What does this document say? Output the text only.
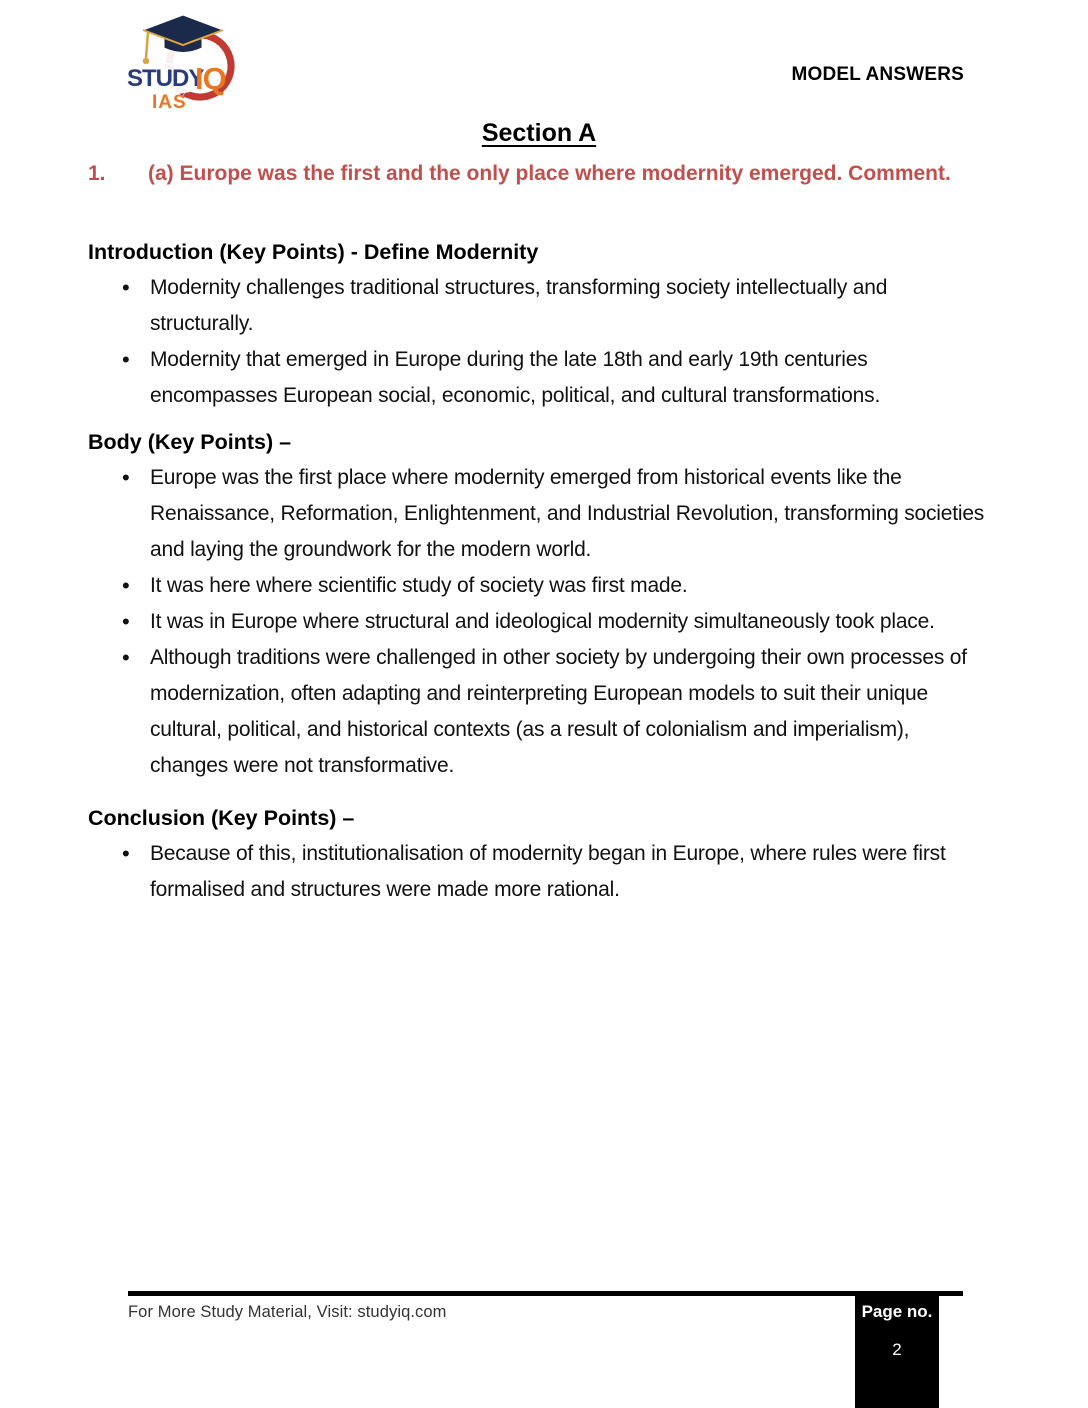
STUDY
IQ
IAS
MODEL ANSWERS
Section A
1.	(a) Europe was the first and the only place where modernity emerged. Comment.
Introduction (Key Points) - Define Modernity
• Modernity challenges traditional structures, transforming society intellectually and structurally.
• Modernity that emerged in Europe during the late 18th and early 19th centuries encompasses European social, economic, political, and cultural transformations.
Body (Key Points) –
• Europe was the first place where modernity emerged from historical events like the Renaissance, Reformation, Enlightenment, and Industrial Revolution, transforming societies and laying the groundwork for the modern world.
• It was here where scientific study of society was first made.
• It was in Europe where structural and ideological modernity simultaneously took place.
• Although traditions were challenged in other society by undergoing their own processes of modernization, often adapting and reinterpreting European models to suit their unique cultural, political, and historical contexts (as a result of colonialism and imperialism), changes were not transformative.
Conclusion (Key Points) –
• Because of this, institutionalisation of modernity began in Europe, where rules were first formalised and structures were made more rational.
For More Study Material, Visit: studyiq.com	Page no.
2
